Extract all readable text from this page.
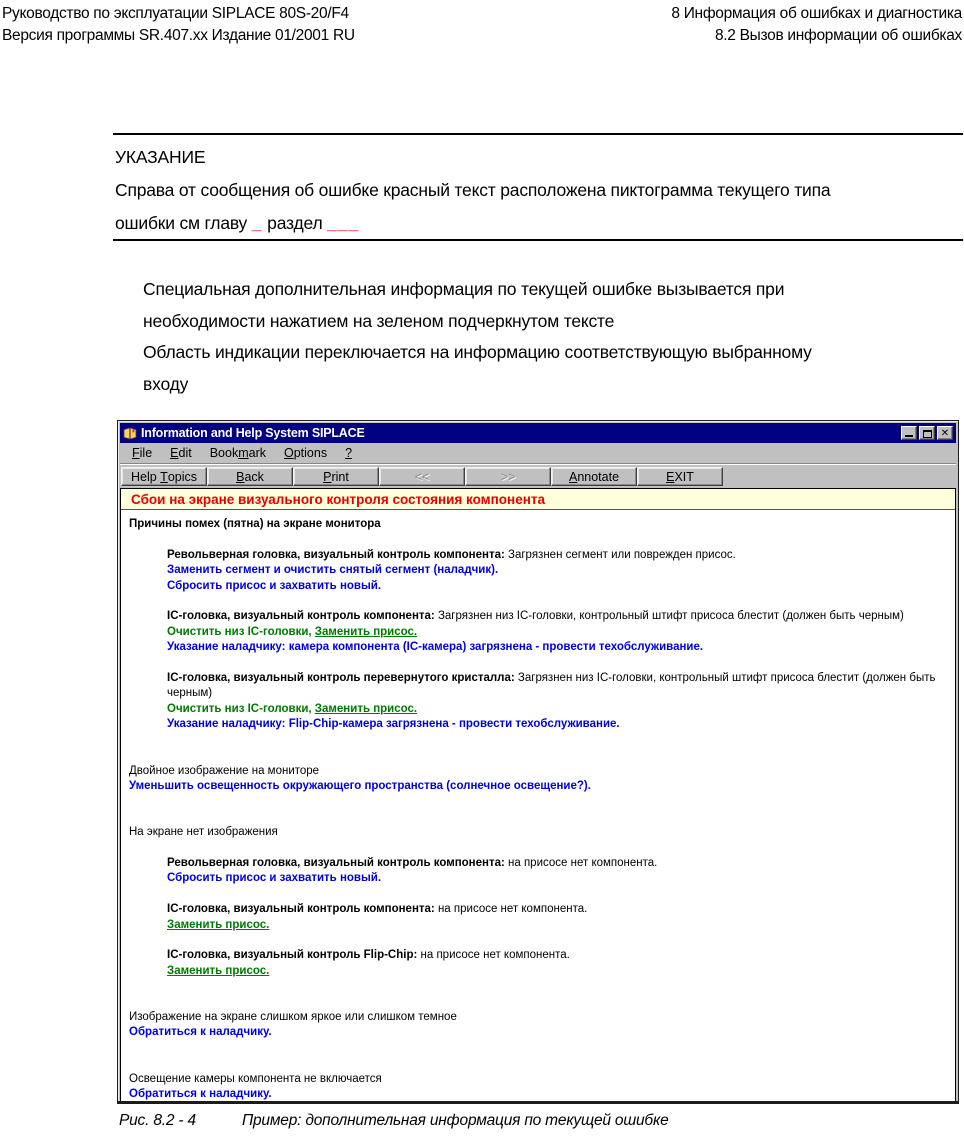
Руководство по эксплуатации SIPLACE 80S-20/F4
Версия программы SR.407.xx Издание 01/2001 RU
8 Информация об ошибках и диагностика
8.2 Вызов информации об ошибках
УКАЗАНИЕ
Справа от сообщения об ошибке красный текст расположена пиктограмма текущего типа
ошибки см главу _ раздел ___
Специальная дополнительная информация по текущей ошибке вызывается при
необходимости нажатием на зеленом подчеркнутом тексте
Область индикации переключается на информацию соответствующую выбранному
входу
Information and Help System SIPLACE	✕
File	Edit	Bookmark	Options	?
Help T opics	B ack	P rint	<<	>>	A nnotate	E XIT
Сбои на экране визуального контроля состояния компонента
Причины помех (пятна) на экране монитора

Револьверная головка, визуальный контроль компонента: Загрязнен сегмент или поврежден присос.
Заменить сегмент и очистить снятый сегмент (наладчик).
Сбросить присос и захватить новый.

IC-головка, визуальный контроль компонента: Загрязнен низ IC-головки, контрольный штифт присоса блестит (должен быть черным)
Очистить низ IC-головки, Заменить присос.
Указание наладчику: камера компонента (IC-камера) загрязнена - провести техобслуживание.

IC-головка, визуальный контроль перевернутого кристалла: Загрязнен низ IC-головки, контрольный штифт присоса блестит (должен быть черным)
Очистить низ IC-головки, Заменить присос.
Указание наладчику: Flip-Chip-камера загрязнена - провести техобслуживание.

Двойное изображение на мониторе
Уменьшить освещенность окружающего пространства (солнечное освещение?).

На экране нет изображения

Револьверная головка, визуальный контроль компонента: на присосе нет компонента.
Сбросить присос и захватить новый.

IC-головка, визуальный контроль компонента: на присосе нет компонента.
Заменить присос.

IC-головка, визуальный контроль Flip-Chip: на присосе нет компонента.
Заменить присос.

Изображение на экране слишком яркое или слишком темное
Обратиться к наладчику.

Освещение камеры компонента не включается
Обратиться к наладчику.
Рис. 8.2 - 4	Пример: дополнительная информация по текущей ошибке
